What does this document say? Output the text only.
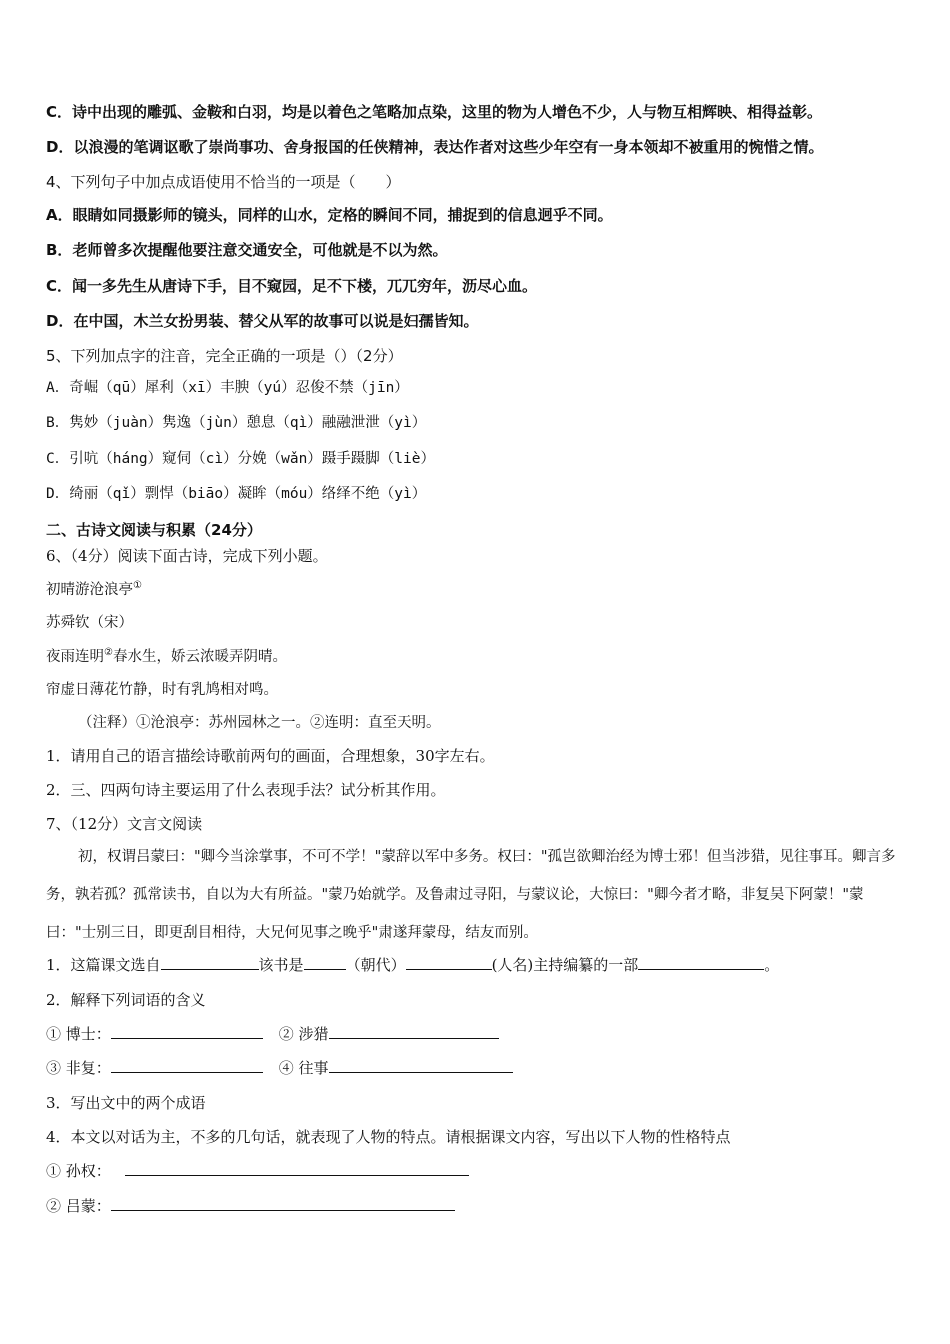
C．诗中出现的雕弧、金鞍和白羽，均是以着色之笔略加点染，这里的物为人增色不少，人与物互相辉映、相得益彰。
D．以浪漫的笔调讴歌了崇尚事功、舍身报国的任侠精神，表达作者对这些少年空有一身本领却不被重用的惋惜之情。
4、下列句子中加点成语使用不恰当的一项是（　　）
A．眼睛如同摄影师的镜头，同样的山水，定格的瞬间不同，捕捉到的信息迥乎不同。
B．老师曾多次提醒他要注意交通安全，可他就是不以为然。
C．闻一多先生从唐诗下手，目不窥园，足不下楼，兀兀穷年，沥尽心血。
D．在中国，木兰女扮男装、替父从军的故事可以说是妇孺皆知。
5、下列加点字的注音，完全正确的一项是（）（2分）
A．奇崛（qū）犀利（xī）丰腴（yú）忍俊不禁（jīn）
B．隽妙（juàn）隽逸（jùn）憩息（qì）融融泄泄（yì）
C．引吭（háng）窥伺（cì）分娩（wǎn）蹑手蹑脚（liè）
D．绮丽（qǐ）剽悍（biāo）凝眸（móu）络绎不绝（yì）
二、古诗文阅读与积累（24分）
6、（4分）阅读下面古诗，完成下列小题。
初晴游沧浪亭①
苏舜钦（宋）
夜雨连明②春水生，娇云浓暖弄阴晴。
帘虚日薄花竹静，时有乳鸠相对鸣。
（注释）①沧浪亭：苏州园林之一。②连明：直至天明。
1．请用自己的语言描绘诗歌前两句的画面，合理想象，30字左右。
2．三、四两句诗主要运用了什么表现手法？试分析其作用。
7、（12分）文言文阅读
初，权谓吕蒙曰："卿今当涂掌事，不可不学！"蒙辞以军中多务。权曰："孤岂欲卿治经为博士邪！但当涉猎，见往事耳。卿言多务，孰若孤？孤常读书，自以为大有所益。"蒙乃始就学。及鲁肃过寻阳，与蒙议论，大惊曰："卿今者才略，非复吴下阿蒙！"蒙曰："士别三日，即更刮目相待，大兄何见事之晚乎"肃遂拜蒙母，结友而别。
1．这篇课文选自	该书是	（朝代）	(人名)主持编纂的一部	。
2．解释下列词语的含义
① 博士：	② 涉猎
③ 非复：	④ 往事
3．写出文中的两个成语
4．本文以对话为主，不多的几句话，就表现了人物的特点。请根据课文内容，写出以下人物的性格特点
① 孙权：
② 吕蒙：
